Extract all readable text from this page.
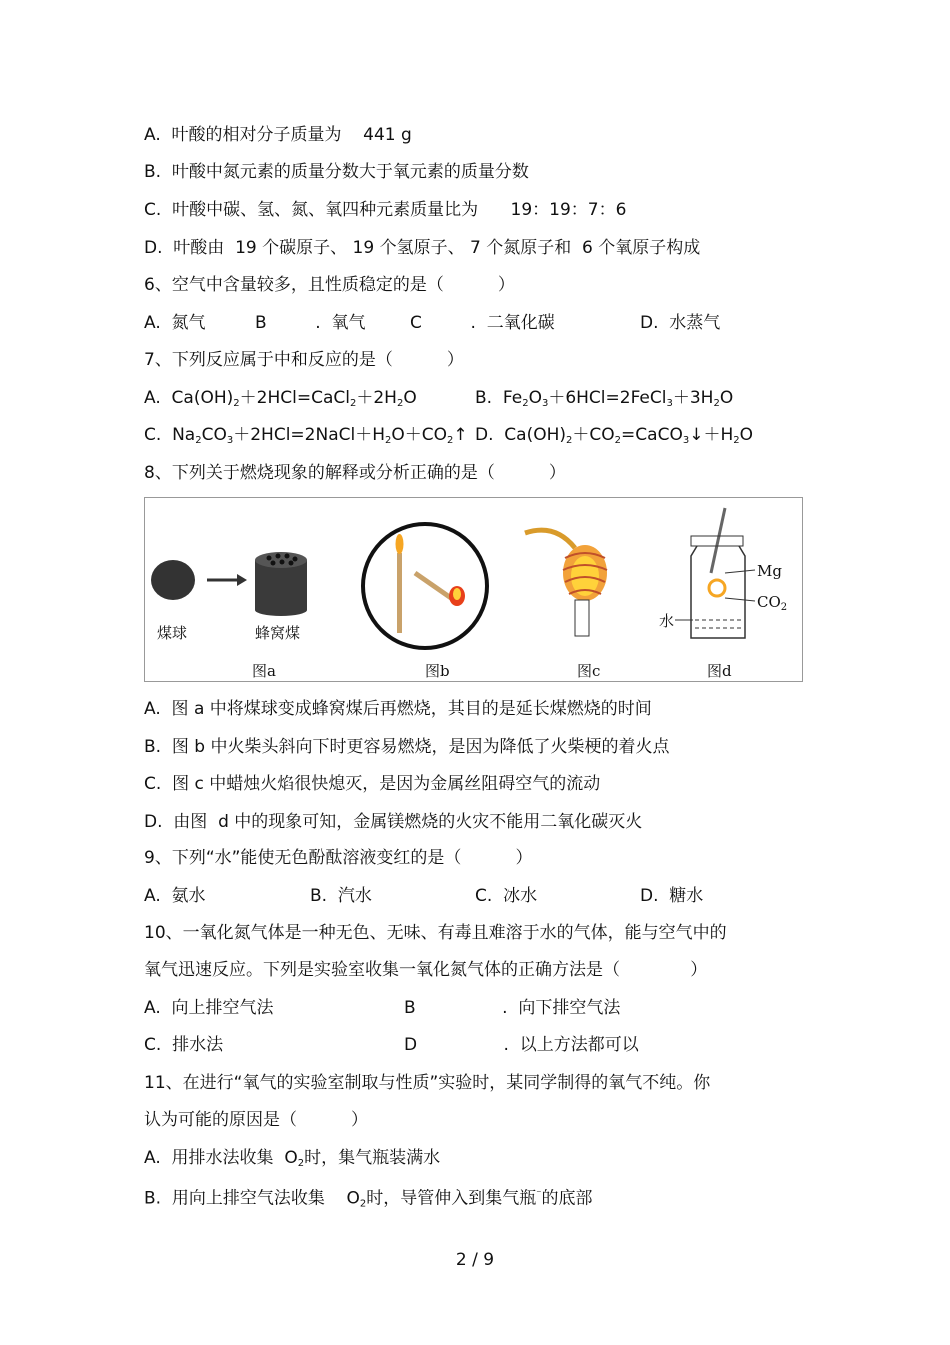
A.  叶酸的相对分子质量为    441 g
B.  叶酸中氮元素的质量分数大于氧元素的质量分数
C.  叶酸中碳、氢、氮、氧四种元素质量比为      19：19：7：6
D.  叶酸由  19 个碳原子、 19 个氢原子、 7 个氮原子和  6 个氧原子构成
6、空气中含量较多，且性质稳定的是（          ）
A.  氮气	B         .  氧气	C         .  二氧化碳	D.  水蒸气
7、下列反应属于中和反应的是（          ）
A.  $Ca(OH)_2+2HCl=CaCl_2+2H_2O$	B.  $Fe_2O_3+6HCl=2FeCl_3+3H_2O$
C.  $Na_2CO_3+2HCl=2NaCl+H_2O+CO_2↑$ D.  $Ca(OH)_2+CO_2=CaCO_3↓+H_2O$
8、下列关于燃烧现象的解释或分析正确的是（          ）
煤球	蜂窝煤
图a	图b	图c	图d
Mg
$CO_2$
水
A.  图 a 中将煤球变成蜂窝煤后再燃烧，其目的是延长煤燃烧的时间
B.  图 b 中火柴头斜向下时更容易燃烧，是因为降低了火柴梗的着火点
C.  图 c 中蜡烛火焰很快熄灭，是因为金属丝阻碍空气的流动
D.  由图  d 中的现象可知，金属镁燃烧的火灾不能用二氧化碳灭火
9、下列“水”能使无色酚酞溶液变红的是（          ）
A.  氨水	B.  汽水	C.  冰水	D.  糖水
10、一氧化氮气体是一种无色、无味、有毒且难溶于水的气体，能与空气中的
氧气迅速反应。下列是实验室收集一氧化氮气体的正确方法是（             ）
A.  向上排空气法	B                .  向下排空气法
C.  排水法	D                .  以上方法都可以
11、在进行“氧气的实验室制取与性质”实验时，某同学制得的氧气不纯。你
认为可能的原因是（          ）
A.  用排水法收集  $O_2$时，集气瓶装满水
B.  用向上排空气法收集    $O_2$时，导管伸入到集气瓶⁻的底部
2 / 9
